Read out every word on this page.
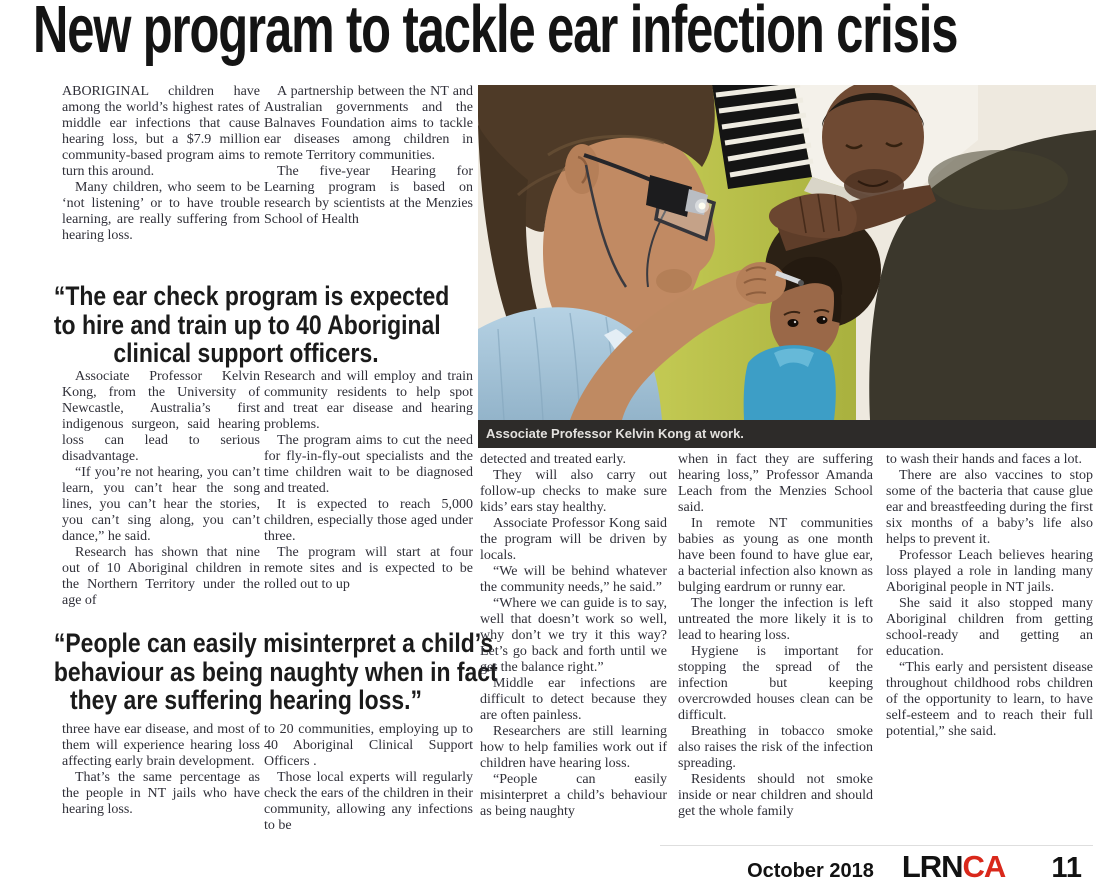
New program to tackle ear infection crisis

ABORIGINAL children have among the world’s highest rates of middle ear infections that cause hearing loss, but a $7.9 million community-based program aims to turn this around.

Many children, who seem to be ‘not listening’ or to have trouble learning, are really suffering from hearing loss.

A partnership between the NT and Australian governments and the Balnaves Foundation aims to tackle ear diseases among children in remote Territory communities.

The five-year Hearing for Learning program is based on research by scientists at the Menzies School of Health

“The ear check program is expected

to hire and train up to 40 Aboriginal

clinical support officers.

Associate Professor Kelvin Kong, from the University of Newcastle, Australia’s first indigenous surgeon, said hearing loss can lead to serious disadvantage.

“If you’re not hearing, you can’t learn, you can’t hear the song lines, you can’t hear the stories, you can’t sing along, you can’t dance,” he said.

Research has shown that nine out of 10 Aboriginal children in the Northern Territory under the age of

Research and will employ and train community residents to help spot and treat ear disease and hearing problems.

The program aims to cut the need for fly-in-fly-out specialists and the time children wait to be diagnosed and treated.

It is expected to reach 5,000 children, especially those aged under three.

The program will start at four remote sites and is expected to be rolled out to up

“People can easily misinterpret a child’s

behaviour as being naughty when in fact

they are suffering hearing loss.”

three have ear disease, and most of them will experience hearing loss affecting early brain development.

That’s the same percentage as the people in NT jails who have hearing loss.

to 20 communities, employing up to 40 Aboriginal Clinical Support Officers .

Those local experts will regularly check the ears of the children in their community, allowing any infections to be

Associate Professor Kelvin Kong at work.

detected and treated early.

They will also carry out follow-up checks to make sure kids’ ears stay healthy.

Associate Professor Kong said the program will be driven by locals.

“We will be behind whatever the community needs,” he said.”

“Where we can guide is to say, well that doesn’t work so well, why don’t we try it this way? Let’s go back and forth until we get the balance right.”

Middle ear infections are difficult to detect because they are often painless.

Researchers are still learning how to help families work out if children have hearing loss.

“People can easily misinterpret a child’s behaviour as being naughty

when in fact they are suffering hearing loss,” Professor Amanda Leach from the Menzies School said.

In remote NT communities babies as young as one month have been found to have glue ear, a bacterial infection also known as bulging eardrum or runny ear.

The longer the infection is left untreated the more likely it is to lead to hearing loss.

Hygiene is important for stopping the spread of the infection but keeping overcrowded houses clean can be difficult.

Breathing in tobacco smoke also raises the risk of the infection spreading.

Residents should not smoke inside or near children and should get the whole family

to wash their hands and faces a lot.

There are also vaccines to stop some of the bacteria that cause glue ear and breastfeeding during the first six months of a baby’s life also helps to prevent it.

Professor Leach believes hearing loss played a role in landing many Aboriginal people in NT jails.

She said it also stopped many Aboriginal children from getting school-ready and getting an education.

“This early and persistent disease throughout childhood robs children of the opportunity to learn, to have self-esteem and to reach their full potential,” she said.

October 2018 LRNCA 11
